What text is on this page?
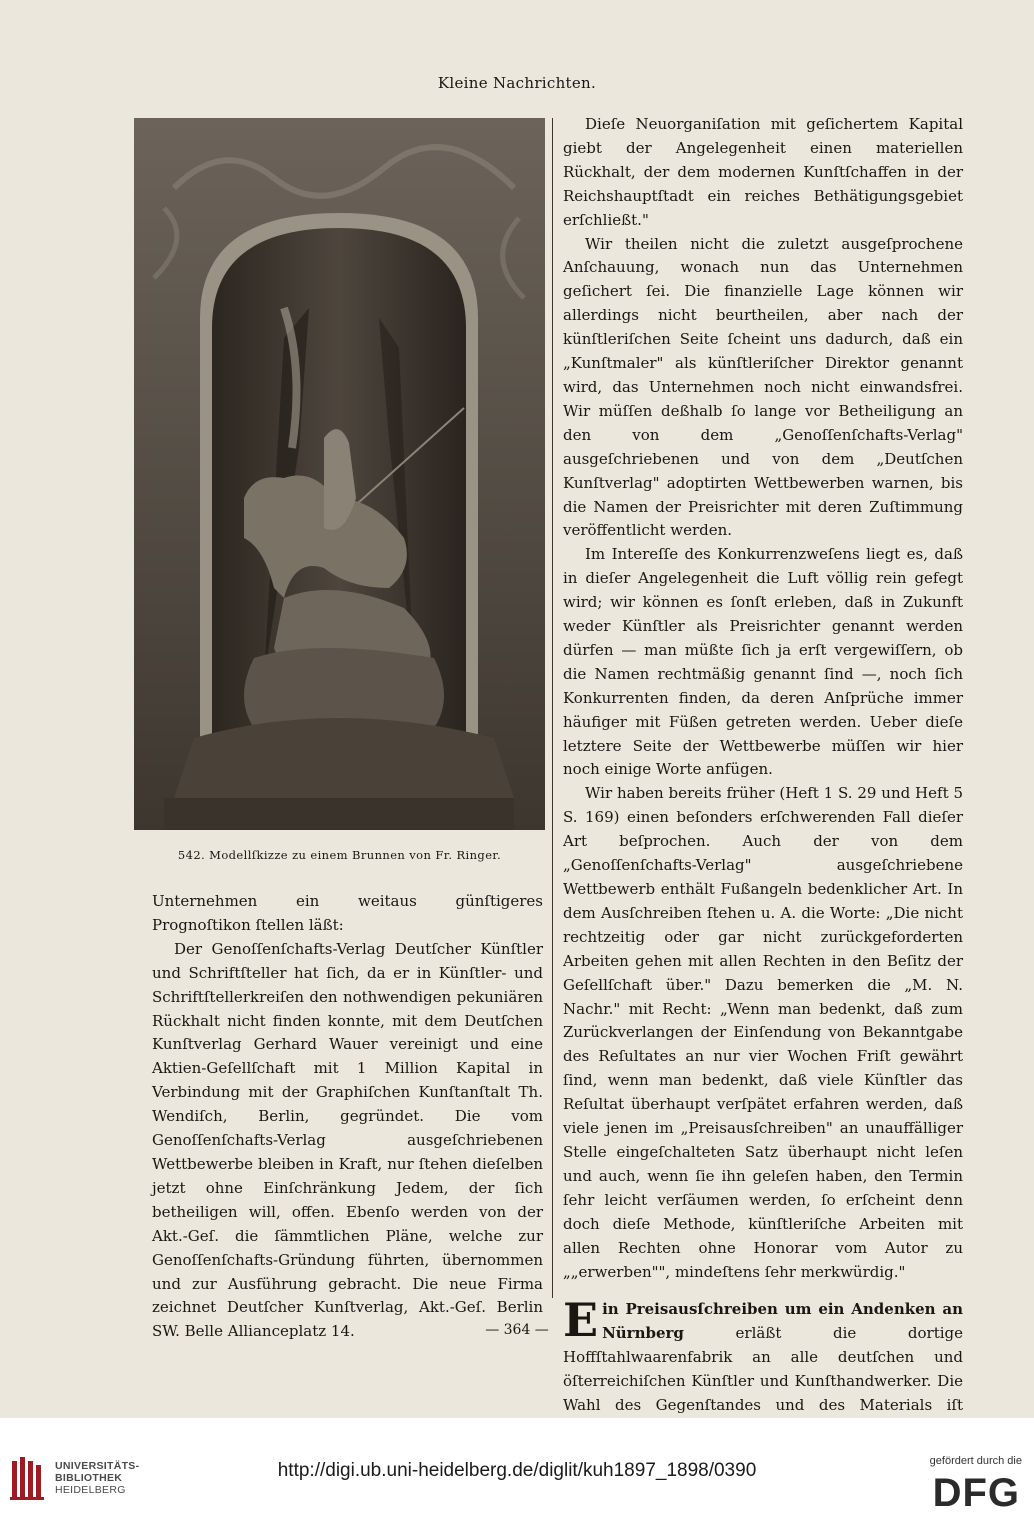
Kleine Nachrichten.
542. Modellſkizze zu einem Brunnen von Fr. Ringer.

Unternehmen ein weitaus günſtigeres Prognoſtikon ſtellen läßt:

Der Genoſſenſchafts-Verlag Deutſcher Künſtler und Schriftſteller hat ſich, da er in Künſtler- und Schriftſtellerkreiſen den nothwendigen pekuniären Rückhalt nicht finden konnte, mit dem Deutſchen Kunſtverlag Gerhard Wauer vereinigt und eine Aktien-Geſellſchaft mit 1 Million Kapital in Verbindung mit der Graphiſchen Kunſtanſtalt Th. Wendiſch, Berlin, gegründet. Die vom Genoſſenſchafts-Verlag ausgeſchriebenen Wettbewerbe bleiben in Kraft, nur ſtehen dieſelben jetzt ohne Einſchränkung Jedem, der ſich betheiligen will, offen. Ebenſo werden von der Akt.-Geſ. die ſämmtlichen Pläne, welche zur Genoſſenſchafts-Gründung führten, übernommen und zur Ausführung gebracht. Die neue Firma zeichnet Deutſcher Kunſtverlag, Akt.-Geſ. Berlin SW. Belle Allianceplatz 14.

Dieſe Neuorganiſation mit geſichertem Kapital giebt der Angelegenheit einen materiellen Rückhalt, der dem modernen Kunſtſchaffen in der Reichshauptſtadt ein reiches Bethätigungsgebiet erſchließt."

Wir theilen nicht die zuletzt ausgeſprochene Anſchauung, wonach nun das Unternehmen geſichert ſei. Die finanzielle Lage können wir allerdings nicht beurtheilen, aber nach der künſtleriſchen Seite ſcheint uns dadurch, daß ein „Kunſtmaler" als künſtleriſcher Direktor genannt wird, das Unternehmen noch nicht einwandsfrei. Wir müſſen deßhalb ſo lange vor Betheiligung an den von dem „Genoſſenſchafts-Verlag" ausgeſchriebenen und von dem „Deutſchen Kunſtverlag" adoptirten Wettbewerben warnen, bis die Namen der Preisrichter mit deren Zuſtimmung veröffentlicht werden.

Im Intereſſe des Konkurrenzweſens liegt es, daß in dieſer Angelegenheit die Luft völlig rein gefegt wird; wir können es ſonſt erleben, daß in Zukunft weder Künſtler als Preisrichter genannt werden dürfen — man müßte ſich ja erſt vergewiſſern, ob die Namen rechtmäßig genannt ſind —, noch ſich Konkurrenten finden, da deren Anſprüche immer häufiger mit Füßen getreten werden. Ueber dieſe letztere Seite der Wettbewerbe müſſen wir hier noch einige Worte anfügen.

Wir haben bereits früher (Heft 1 S. 29 und Heft 5 S. 169) einen beſonders erſchwerenden Fall dieſer Art beſprochen. Auch der von dem „Genoſſenſchafts-Verlag" ausgeſchriebene Wettbewerb enthält Fußangeln bedenklicher Art. In dem Ausſchreiben ſtehen u. A. die Worte: „Die nicht rechtzeitig oder gar nicht zurückgeforderten Arbeiten gehen mit allen Rechten in den Beſitz der Geſellſchaft über." Dazu bemerken die „M. N. Nachr." mit Recht: „Wenn man bedenkt, daß zum Zurückverlangen der Einſendung von Bekanntgabe des Reſultates an nur vier Wochen Friſt gewährt ſind, wenn man bedenkt, daß viele Künſtler das Reſultat überhaupt verſpätet erfahren werden, daß viele jenen im „Preisausſchreiben" an unauffälliger Stelle eingeſchalteten Satz überhaupt nicht leſen und auch, wenn ſie ihn geleſen haben, den Termin ſehr leicht verſäumen werden, ſo erſcheint denn doch dieſe Methode, künſtleriſche Arbeiten mit allen Rechten ohne Honorar vom Autor zu „„erwerben"", mindeſtens ſehr merkwürdig."

Ein Preisausſchreiben um ein Andenken an Nürnberg	erläßt die dortige Hoffſtahlwaarenfabrik an alle deutſchen und öſterreichiſchen Künſtler und Kunſthandwerker. Die Wahl des Gegenſtandes und des Materials iſt

— 364 —
UNIVERSITÄTS-
BIBLIOTHEK
HEIDELBERG
http://digi.ub.uni-heidelberg.de/diglit/kuh1897_1898/0390	gefördert durch die
DFG
